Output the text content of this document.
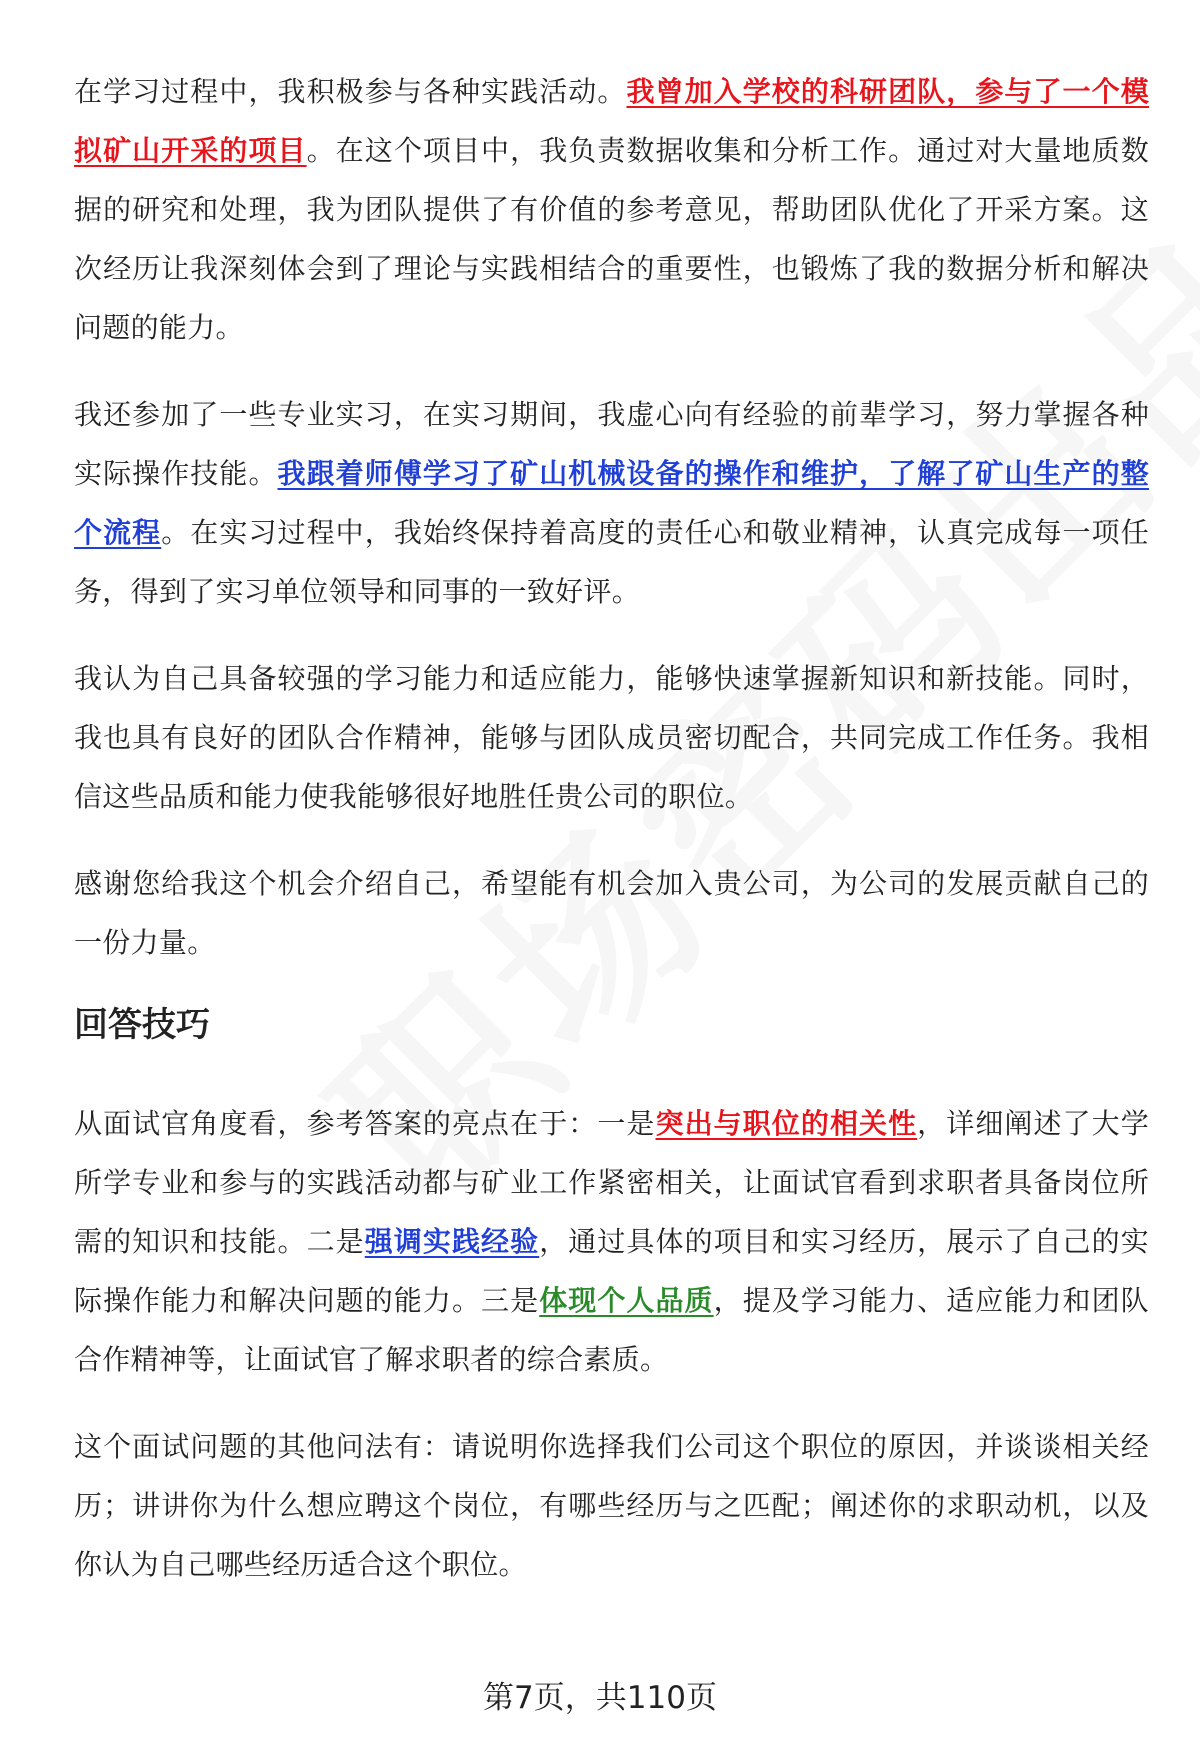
在学习过程中，我积极参与各种实践活动。我曾加入学校的科研团队，参与了一个模拟矿山开采的项目。在这个项目中，我负责数据收集和分析工作。通过对大量地质数据的研究和处理，我为团队提供了有价值的参考意见，帮助团队优化了开采方案。这次经历让我深刻体会到了理论与实践相结合的重要性，也锻炼了我的数据分析和解决问题的能力。

我还参加了一些专业实习，在实习期间，我虚心向有经验的前辈学习，努力掌握各种实际操作技能。我跟着师傅学习了矿山机械设备的操作和维护，了解了矿山生产的整个流程。在实习过程中，我始终保持着高度的责任心和敬业精神，认真完成每一项任务，得到了实习单位领导和同事的一致好评。

我认为自己具备较强的学习能力和适应能力，能够快速掌握新知识和新技能。同时，我也具有良好的团队合作精神，能够与团队成员密切配合，共同完成工作任务。我相信这些品质和能力使我能够很好地胜任贵公司的职位。

感谢您给我这个机会介绍自己，希望能有机会加入贵公司，为公司的发展贡献自己的一份力量。

回答技巧

从面试官角度看，参考答案的亮点在于：一是突出与职位的相关性，详细阐述了大学所学专业和参与的实践活动都与矿业工作紧密相关，让面试官看到求职者具备岗位所需的知识和技能。二是强调实践经验，通过具体的项目和实习经历，展示了自己的实际操作能力和解决问题的能力。三是体现个人品质，提及学习能力、适应能力和团队合作精神等，让面试官了解求职者的综合素质。

这个面试问题的其他问法有：请说明你选择我们公司这个职位的原因，并谈谈相关经历；讲讲你为什么想应聘这个岗位，有哪些经历与之匹配；阐述你的求职动机，以及你认为自己哪些经历适合这个职位。

第7页，共110页
